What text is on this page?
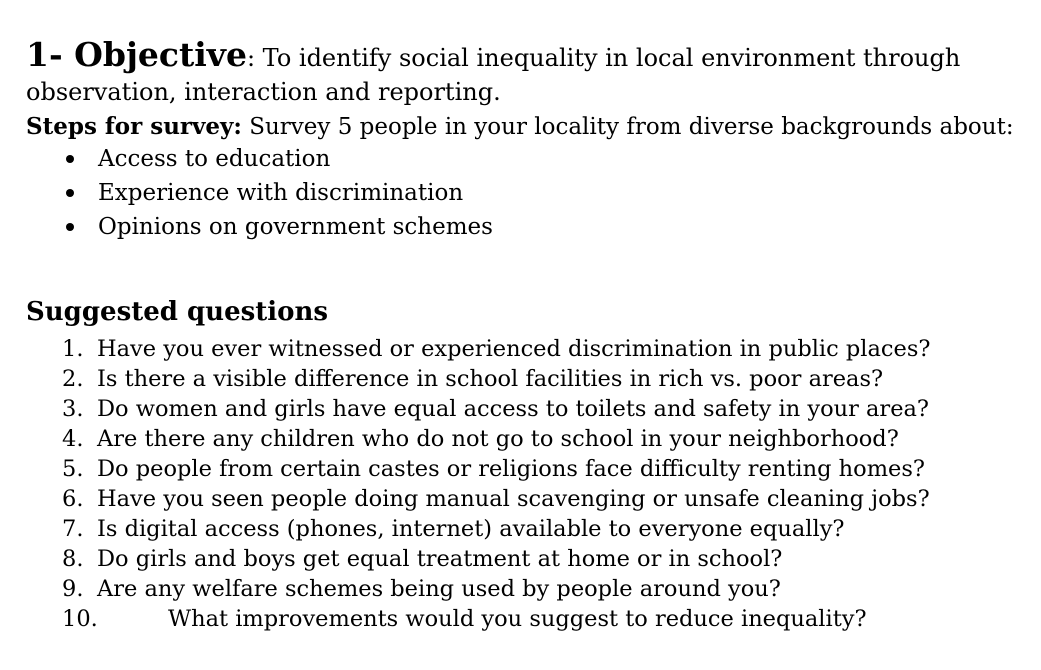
1- Objective: To identify social inequality in local environment through
observation, interaction and reporting.
Steps for survey: Survey 5 people in your locality from diverse backgrounds about:
Access to education
Experience with discrimination
Opinions on government schemes
Suggested questions
1. Have you ever witnessed or experienced discrimination in public places?
2. Is there a visible difference in school facilities in rich vs. poor areas?
3. Do women and girls have equal access to toilets and safety in your area?
4. Are there any children who do not go to school in your neighborhood?
5. Do people from certain castes or religions face difficulty renting homes?
6. Have you seen people doing manual scavenging or unsafe cleaning jobs?
7. Is digital access (phones, internet) available to everyone equally?
8. Do girls and boys get equal treatment at home or in school?
9. Are any welfare schemes being used by people around you?
10.	What improvements would you suggest to reduce inequality?
